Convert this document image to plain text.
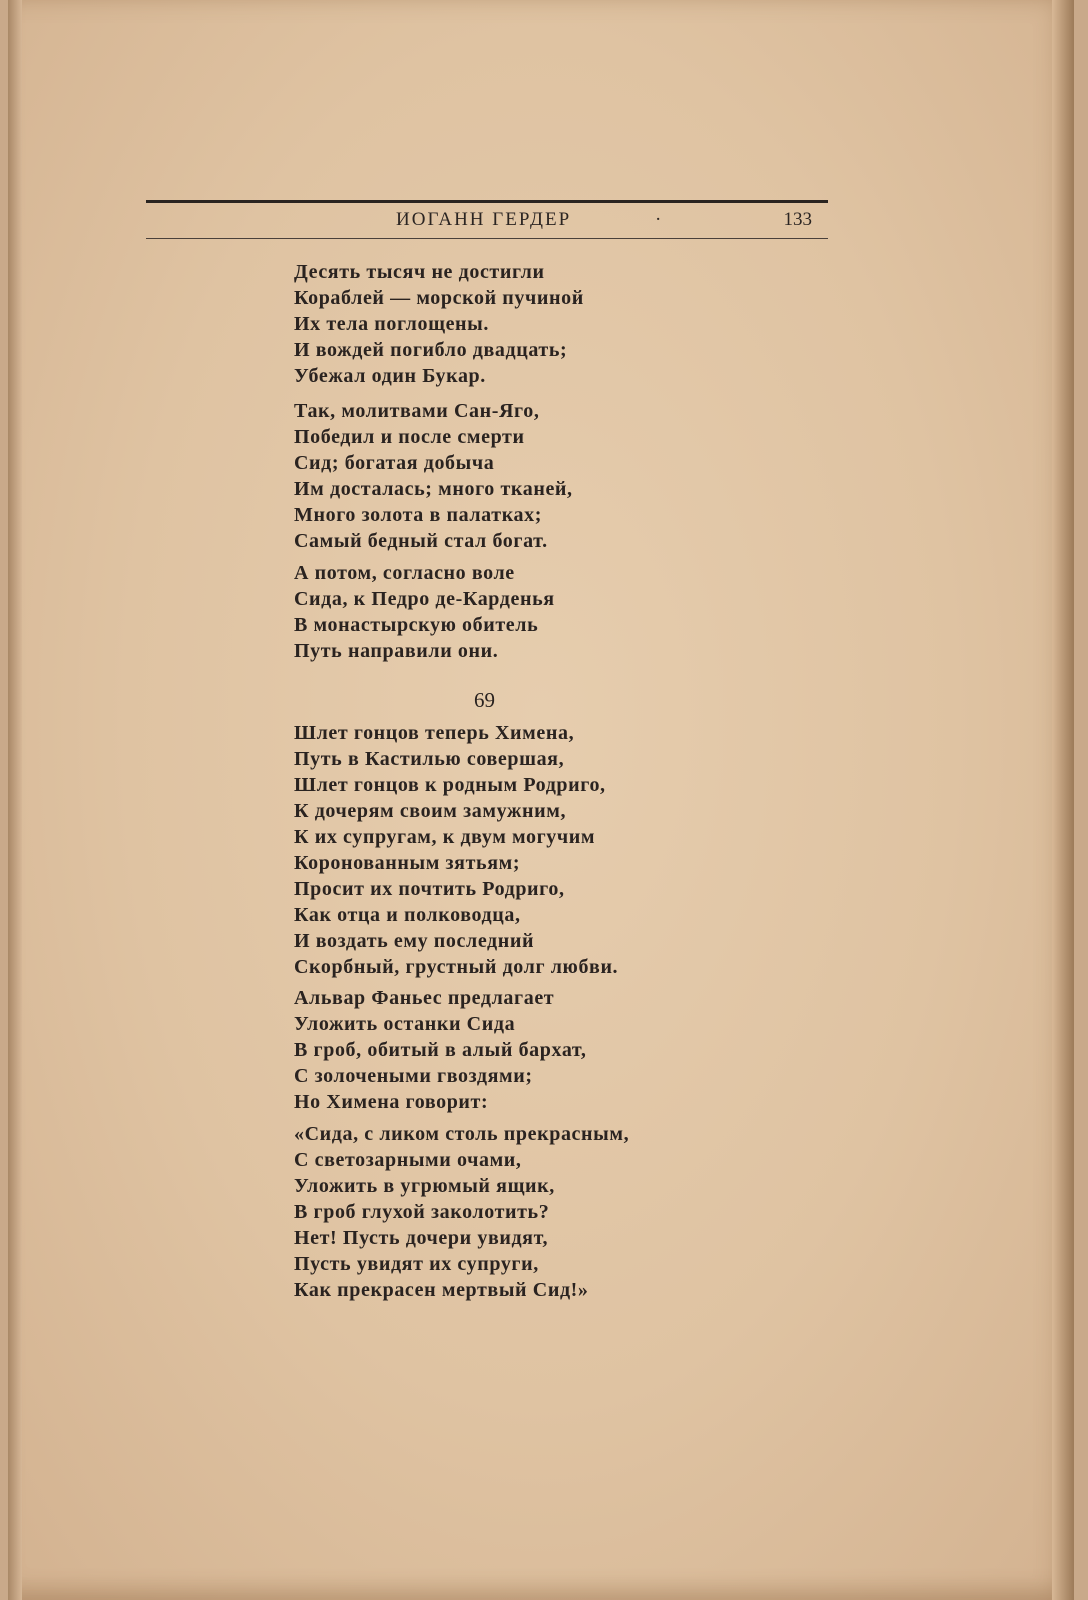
ИОГАНН ГЕРДЕР	·	133
Десять тысяч не достигли
Кораблей — морской пучиной
Их тела поглощены.
И вождей погибло двадцать;
Убежал один Букар.
Так, молитвами Сан-Яго,
Победил и после смерти
Сид; богатая добыча
Им досталась; много тканей,
Много золота в палатках;
Самый бедный стал богат.
А потом, согласно воле
Сида, к Педро де-Карденья
В монастырскую обитель
Путь направили они.
69
Шлет гонцов теперь Химена,
Путь в Кастилью совершая,
Шлет гонцов к родным Родриго,
К дочерям своим замужним,
К их супругам, к двум могучим
Коронованным зятьям;
Просит их почтить Родриго,
Как отца и полководца,
И воздать ему последний
Скорбный, грустный долг любви.
Альвар Фаньес предлагает
Уложить останки Сида
В гроб, обитый в алый бархат,
С золочеными гвоздями;
Но Химена говорит:
«Сида, с ликом столь прекрасным,
С светозарными очами,
Уложить в угрюмый ящик,
В гроб глухой заколотить?
Нет! Пусть дочери увидят,
Пусть увидят их супруги,
Как прекрасен мертвый Сид!»
